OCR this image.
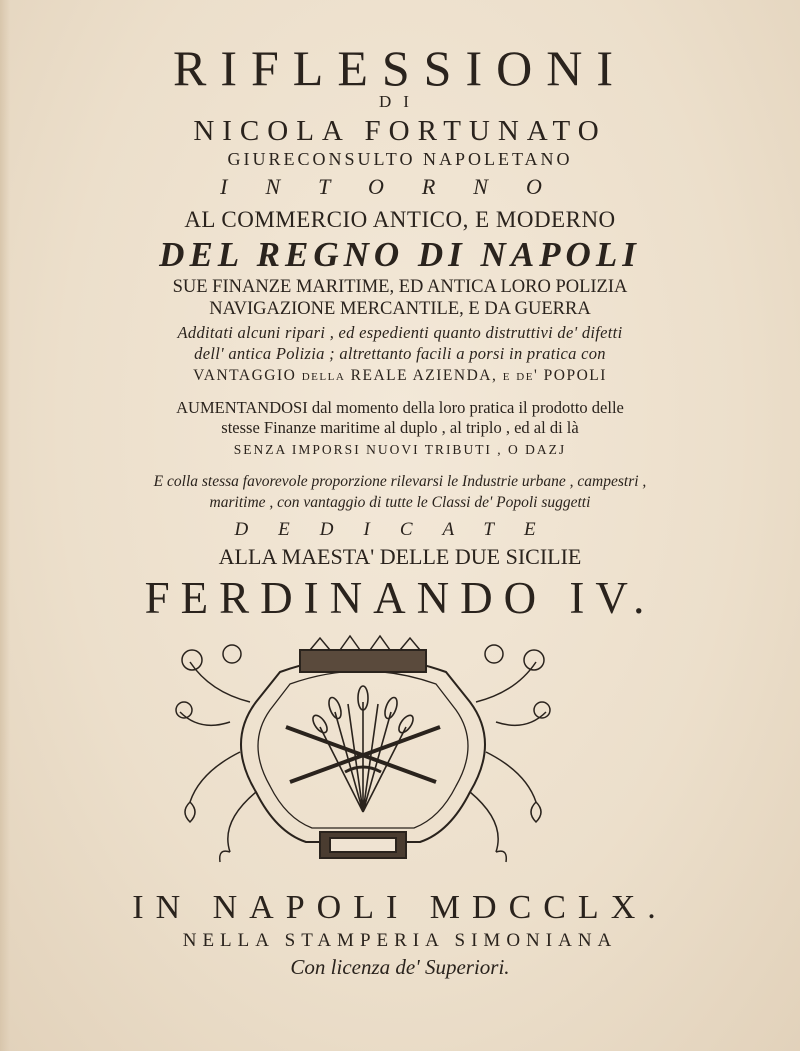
RIFLESSIONI
DI
NICOLA FORTUNATO
GIURECONSULTO NAPOLETANO
INTORNO
AL COMMERCIO ANTICO, E MODERNO
DEL REGNO DI NAPOLI
SUE FINANZE MARITIME, ED ANTICA LORO POLIZIA
NAVIGAZIONE MERCANTILE, E DA GUERRA
Additati alcuni ripari , ed espedienti quanto distruttivi de' difetti
dell' antica Polizia ; altrettanto facili a porsi in pratica con
VANTAGGIO della REALE AZIENDA, e de' POPOLI
AUMENTANDOSI dal momento della loro pratica il prodotto delle
stesse Finanze maritime al duplo , al triplo , ed al di là
SENZA IMPORSI NUOVI TRIBUTI , O DAZJ
E colla stessa favorevole proporzione rilevarsi le Industrie urbane , campestri ,
maritime , con vantaggio di tutte le Classi de' Popoli suggetti
DEDICATE
ALLA MAESTA' DELLE DUE SICILIE
FERDINANDO IV.
IN NAPOLI MDCCLX.
NELLA STAMPERIA SIMONIANA
Con licenza de' Superiori.
